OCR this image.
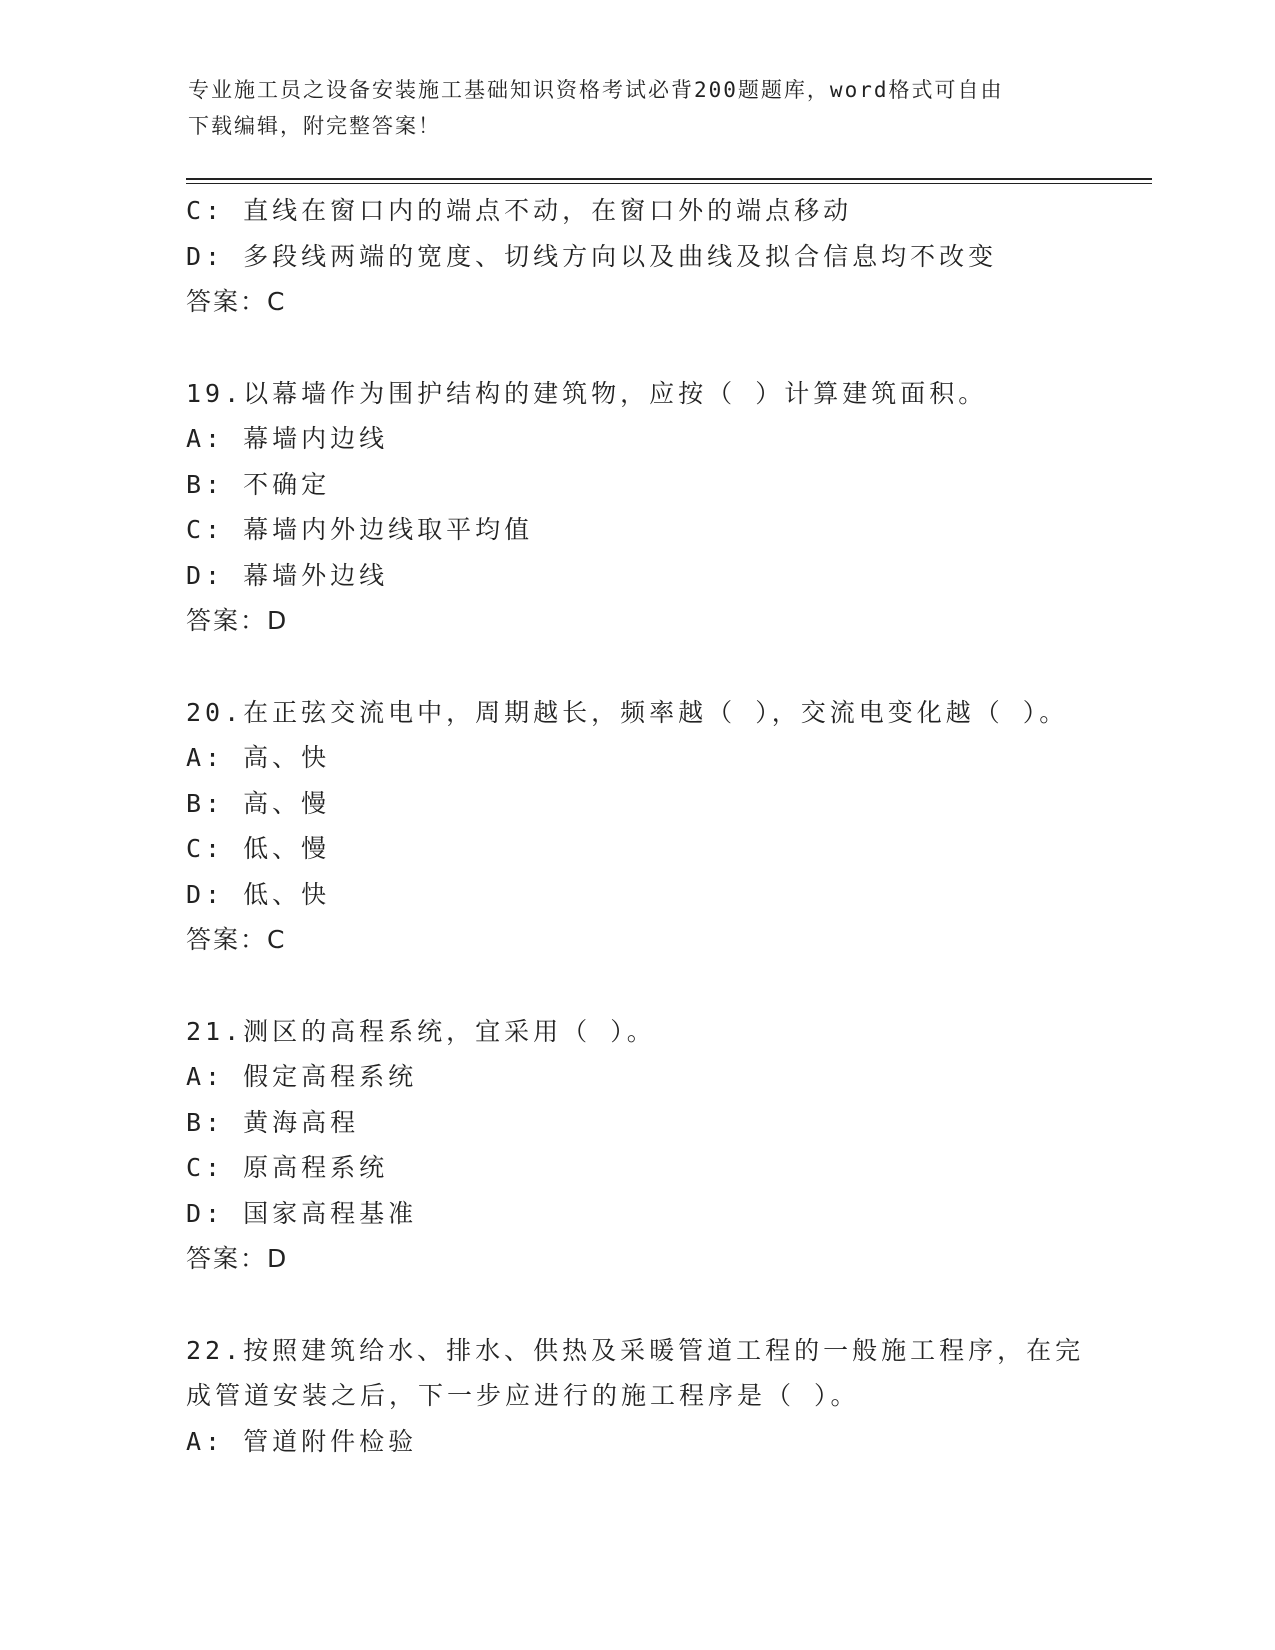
专业施工员之设备安装施工基础知识资格考试必背200题题库，word格式可自由
下载编辑，附完整答案！
C: 直线在窗口内的端点不动，在窗口外的端点移动
D: 多段线两端的宽度、切线方向以及曲线及拟合信息均不改变
答案：C
19.以幕墙作为围护结构的建筑物，应按（ ）计算建筑面积。
A: 幕墙内边线
B: 不确定
C: 幕墙内外边线取平均值
D: 幕墙外边线
答案：D
20.在正弦交流电中，周期越长，频率越（ ），交流电变化越（ ）。
A: 高、快
B: 高、慢
C: 低、慢
D: 低、快
答案：C
21.测区的高程系统，宜采用（ ）。
A: 假定高程系统
B: 黄海高程
C: 原高程系统
D: 国家高程基准
答案：D
22.按照建筑给水、排水、供热及采暖管道工程的一般施工程序，在完
成管道安装之后，下一步应进行的施工程序是（ ）。
A: 管道附件检验
